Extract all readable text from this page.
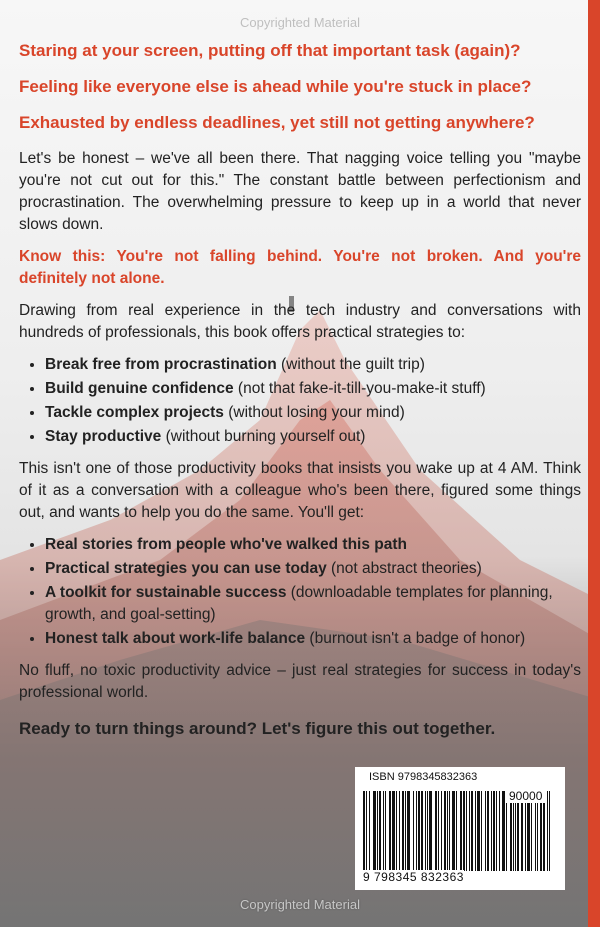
Copyrighted Material
Staring at your screen, putting off that important task (again)?
Feeling like everyone else is ahead while you're stuck in place?
Exhausted by endless deadlines, yet still not getting anywhere?

Let's be honest – we've all been there. That nagging voice telling you "maybe you're not cut out for this." The constant battle between perfectionism and procrastination. The overwhelming pressure to keep up in a world that never slows down.

Know this: You're not falling behind. You're not broken. And you're definitely not alone.

Drawing from real experience in the tech industry and conversations with hundreds of professionals, this book offers practical strategies to:

• Break free from procrastination (without the guilt trip)
• Build genuine confidence (not that fake-it-till-you-make-it stuff)
• Tackle complex projects (without losing your mind)
• Stay productive (without burning yourself out)

This isn't one of those productivity books that insists you wake up at 4 AM. Think of it as a conversation with a colleague who's been there, figured some things out, and wants to help you do the same. You'll get:

• Real stories from people who've walked this path
• Practical strategies you can use today (not abstract theories)
• A toolkit for sustainable success (downloadable templates for planning, growth, and goal-setting)
• Honest talk about work-life balance (burnout isn't a badge of honor)

No fluff, no toxic productivity advice – just real strategies for success in today's professional world.

Ready to turn things around? Let's figure this out together.
ISBN 9798345832363
90000
9 798345 832363
Copyrighted Material
